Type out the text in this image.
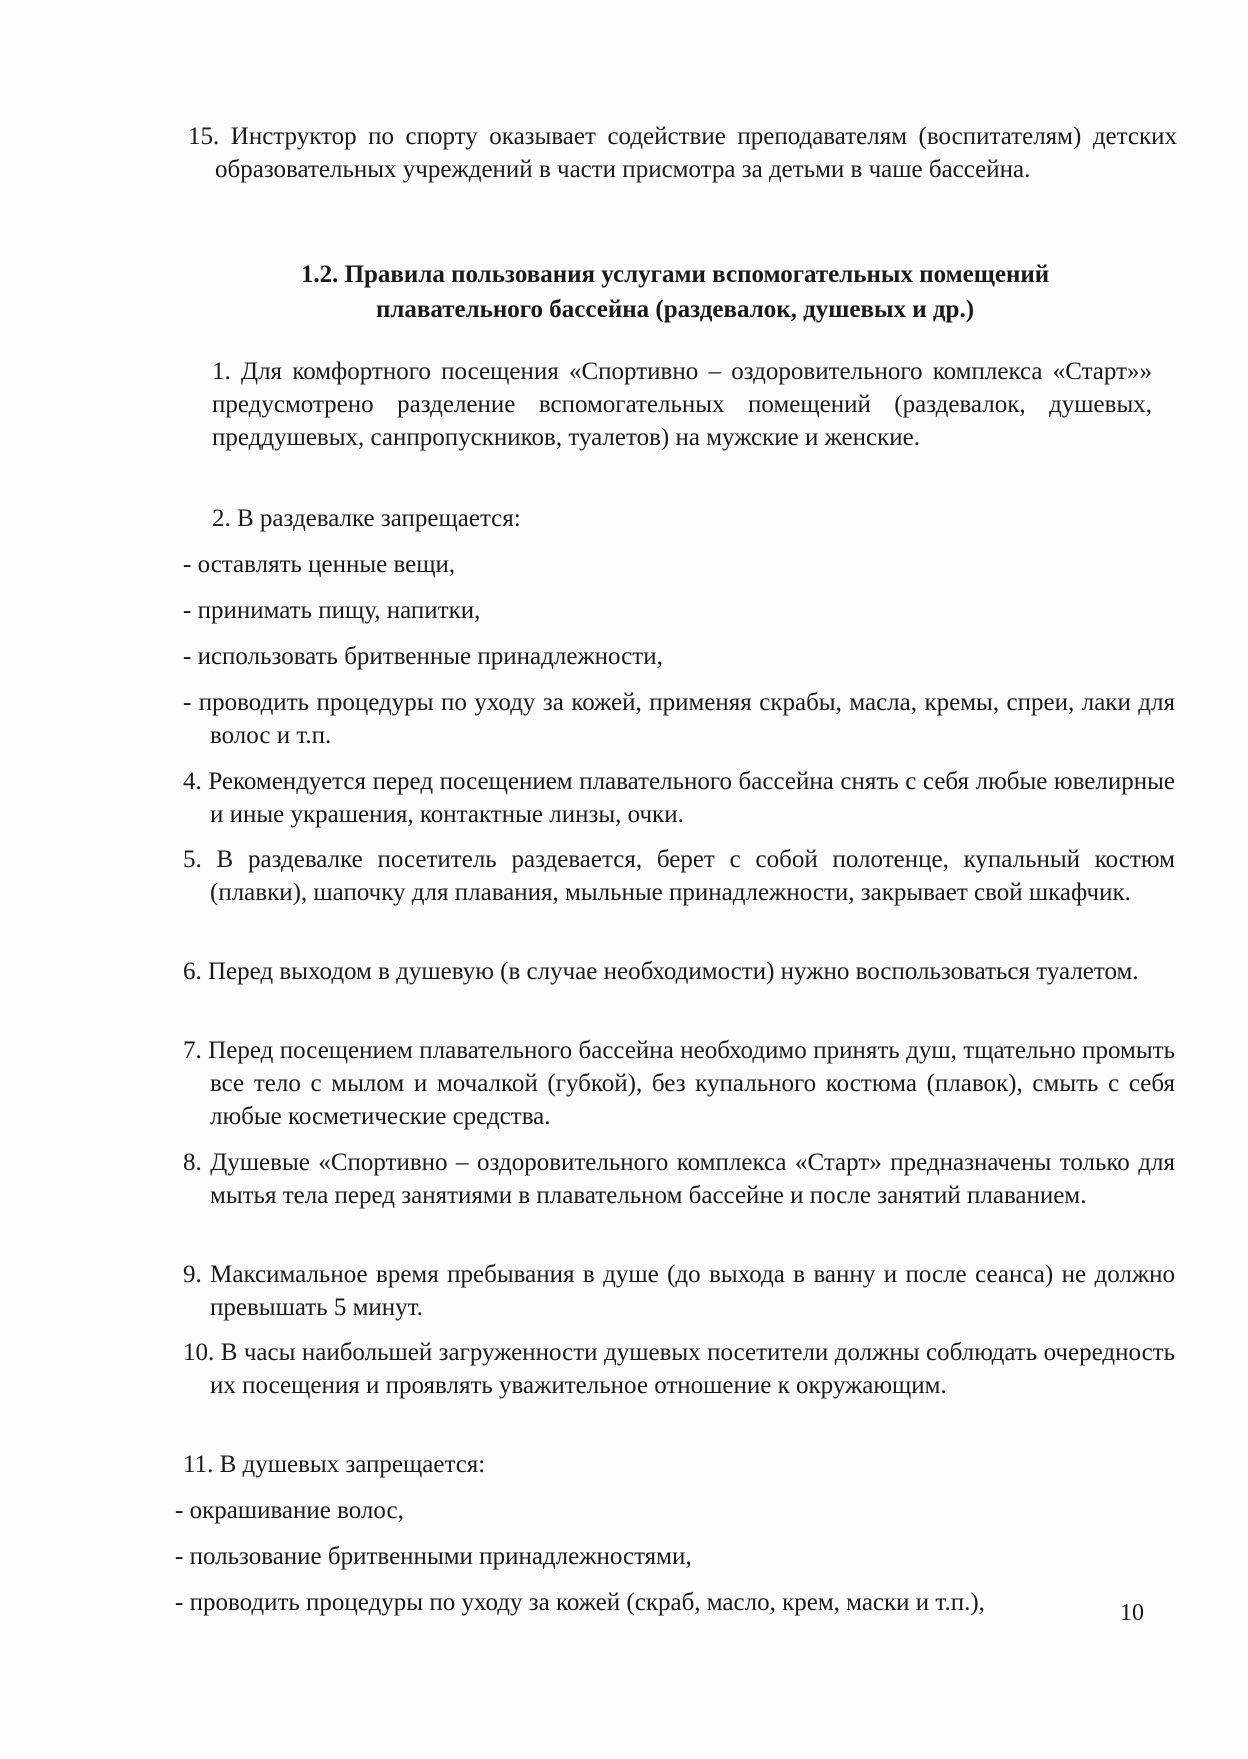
15. Инструктор по спорту оказывает содействие преподавателям (воспитателям) детских образовательных учреждений в части присмотра за детьми в чаше бассейна.
1.2. Правила пользования услугами вспомогательных помещений
плавательного бассейна (раздевалок, душевых и др.)
1. Для комфортного посещения «Спортивно – оздоровительного комплекса «Старт»» предусмотрено разделение вспомогательных помещений (раздевалок, душевых, преддушевых, санпропускников, туалетов) на мужские и женские.
2. В раздевалке запрещается:
- оставлять ценные вещи,
- принимать пищу, напитки,
- использовать бритвенные принадлежности,
- проводить процедуры по уходу за кожей, применяя скрабы, масла, кремы, спреи, лаки для волос и т.п.
4. Рекомендуется перед посещением плавательного бассейна снять с себя любые ювелирные и иные украшения, контактные линзы, очки.
5. В раздевалке посетитель раздевается, берет с собой полотенце, купальный костюм (плавки), шапочку для плавания, мыльные принадлежности, закрывает свой шкафчик.
6. Перед выходом в душевую (в случае необходимости) нужно воспользоваться туалетом.
7. Перед посещением плавательного бассейна необходимо принять душ, тщательно промыть все тело с мылом и мочалкой (губкой), без купального костюма (плавок), смыть с себя любые косметические средства.
8. Душевые «Спортивно – оздоровительного комплекса «Старт» предназначены только для мытья тела перед занятиями в плавательном бассейне и после занятий плаванием.
9. Максимальное время пребывания в душе (до выхода в ванну и после сеанса) не должно превышать 5 минут.
10. В часы наибольшей загруженности душевых посетители должны соблюдать очередность их посещения и проявлять уважительное отношение к окружающим.
11. В душевых запрещается:
- окрашивание волос,
- пользование бритвенными принадлежностями,
- проводить процедуры по уходу за кожей (скраб, масло, крем, маски и т.п.),	10
